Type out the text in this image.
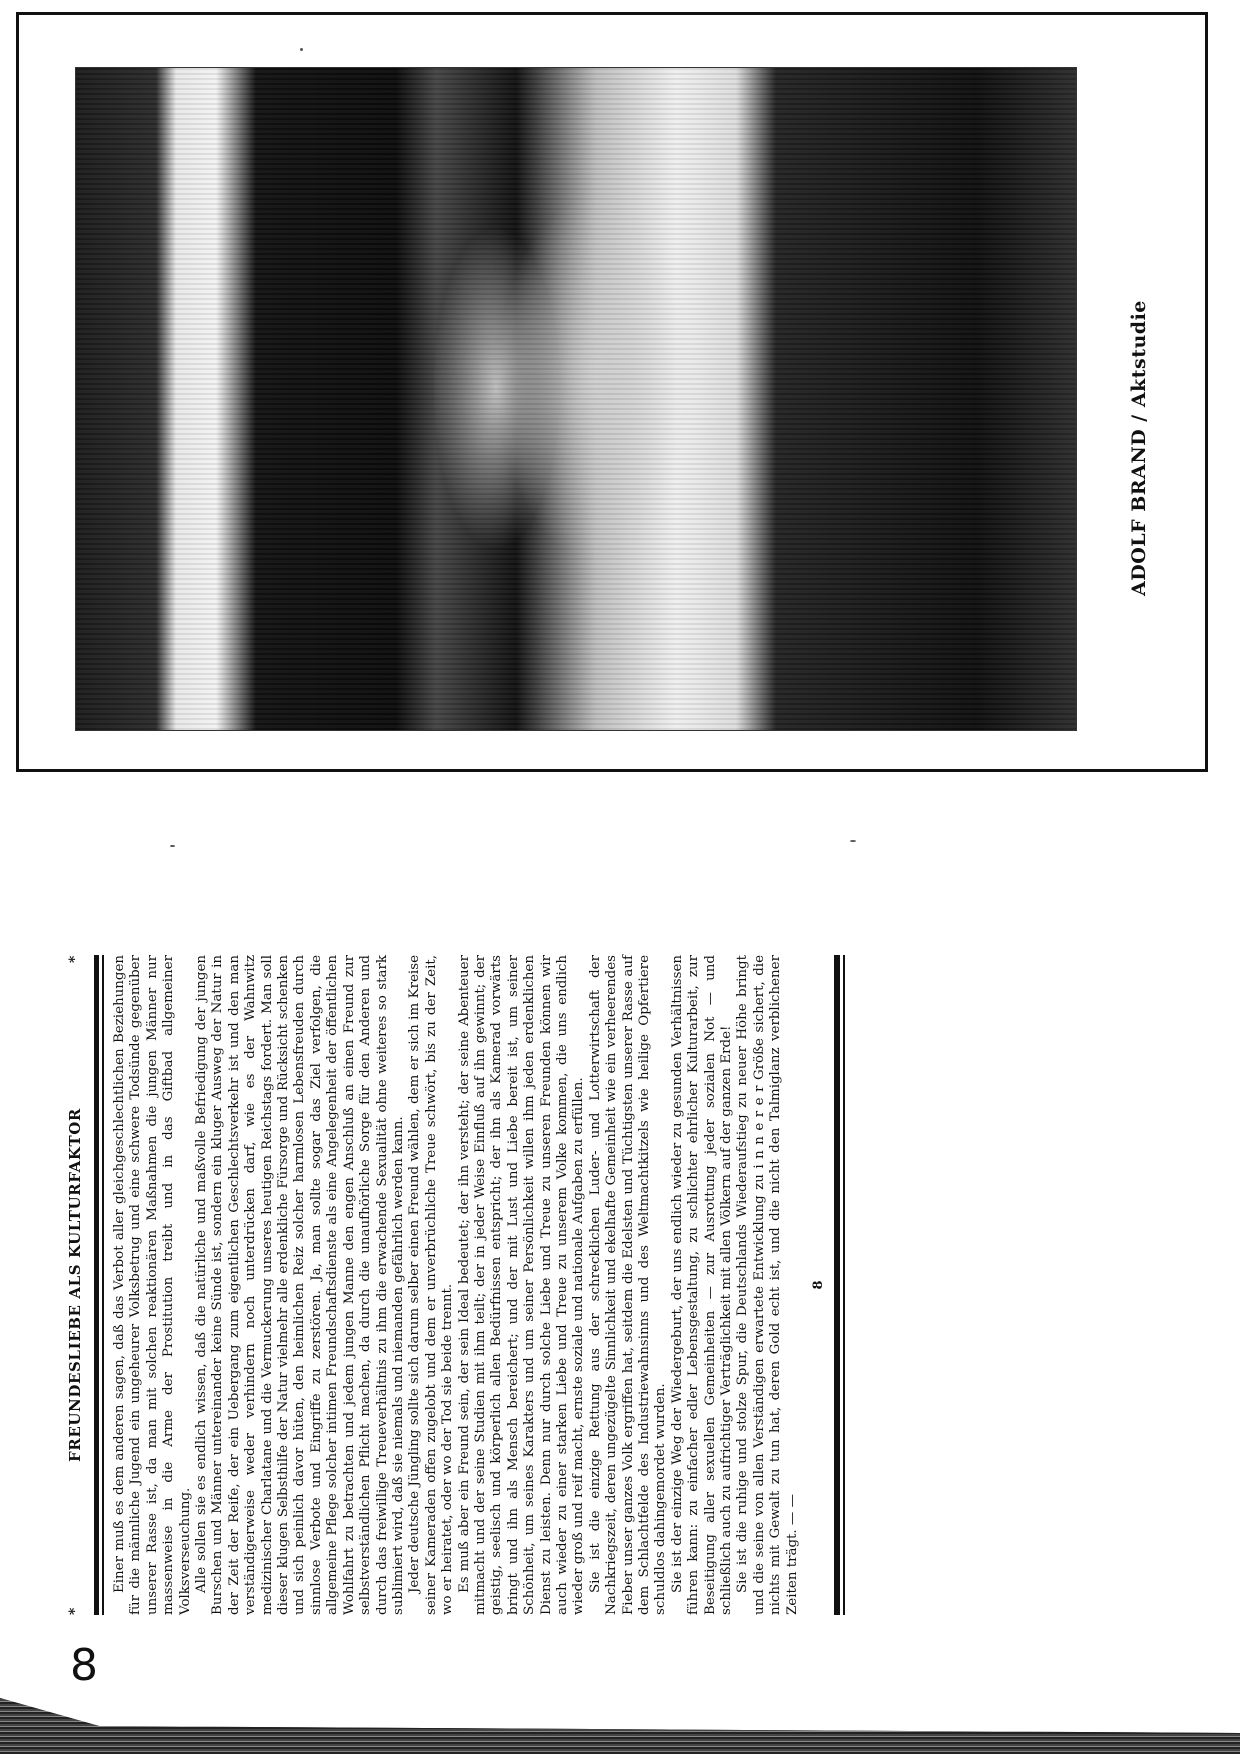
ADOLF BRAND / Aktstudie
*
FREUNDESLIEBE ALS KULTURFAKTOR
* Einer muß es dem anderen sagen, daß das Verbot aller gleichgeschlechtlichen Beziehungen für die männliche Jugend ein ungeheurer Volksbetrug und eine schwere Todsünde gegenüber unserer Rasse ist, da man mit solchen reaktionären Maßnahmen die jungen Männer nur massenweise in die Arme der Prostitution treibt und in das Giftbad allgemeiner Volksverseuchung. Alle sollen sie es endlich wissen, daß die natürliche und maßvolle Befriedigung der jungen Burschen und Männer untereinander keine Sünde ist, sondern ein kluger Ausweg der Natur in der Zeit der Reife, der ein Uebergang zum eigentlichen Geschlechtsverkehr ist und den man verständigerweise weder verhindern noch unterdrücken darf, wie es der Wahnwitz medizinischer Charlatane und die Vermuckerung unseres heutigen Reichstags fordert. Man soll dieser klugen Selbsthilfe der Natur vielmehr alle erdenkliche Fürsorge und Rücksicht schenken und sich peinlich davor hüten, den heimlichen Reiz solcher harmlosen Lebensfreuden durch sinnlose Verbote und Eingriffe zu zerstören. Ja, man sollte sogar das Ziel verfolgen, die allgemeine Pflege solcher intimen Freundschaftsdienste als eine Angelegenheit der öffentlichen Wohlfahrt zu betrachten und jedem jungen Manne den engen Anschluß an einen Freund zur selbstverständlichen Pflicht machen, da durch die unaufhörliche Sorge für den Anderen und durch das freiwillige Treueverhältnis zu ihm die erwachende Sexualität ohne weiteres so stark sublimiert wird, daß sie niemals und niemanden gefährlich werden kann. Jeder deutsche Jüngling sollte sich darum selber einen Freund wählen, dem er sich im Kreise seiner Kameraden offen zugelobt und dem er unverbrüchliche Treue schwört, bis zu der Zeit, wo er heiratet, oder wo der Tod sie beide trennt. Es muß aber ein Freund sein, der sein Ideal bedeutet; der ihn versteht; der seine Abenteuer mitmacht und der seine Studien mit ihm teilt; der in jeder Weise Einfluß auf ihn gewinnt; der geistig, seelisch und körperlich allen Bedürfnissen entspricht; der ihn als Kamerad vorwärts bringt und ihn als Mensch bereichert; und der mit Lust und Liebe bereit ist, um seiner Schönheit, um seines Karakters und um seiner Persönlichkeit willen ihm jeden erdenklichen Dienst zu leisten. Denn nur durch solche Liebe und Treue zu unseren Freunden können wir auch wieder zu einer starken Liebe und Treue zu unserem Volke kommen, die uns endlich wieder groß und reif macht, ernste soziale und nationale Aufgaben zu erfüllen. Sie ist die einzige Rettung aus der schrecklichen Luder- und Lotterwirtschaft der Nachkriegszeit, deren ungezügelte Sinnlichkeit und ekelhafte Gemeinheit wie ein verheerendes Fieber unser ganzes Volk ergriffen hat, seitdem die Edelsten und Tüchtigsten unserer Rasse auf dem Schlachtfelde des Industriewahnsinns und des Weltmachtkitzels wie heilige Opfertiere schuldlos dahingemordet wurden. Sie ist der einzige Weg der Wiedergeburt, der uns endlich wieder zu gesunden Verhältnissen führen kann: zu einfacher edler Lebensgestaltung, zu schlichter ehrlicher Kulturarbeit, zur Beseitigung aller sexuellen Gemeinheiten — zur Ausrottung jeder sozialen Not — und schließlich auch zu aufrichtiger Verträglichkeit mit allen Völkern auf der ganzen Erde! Sie ist die ruhige und stolze Spur, die Deutschlands Wiederaufstieg zu neuer Höhe bringt und die seine von allen Verständigen erwartete Entwicklung zu i n n e r e r Größe sichert, die nichts mit Gewalt zu tun hat, deren Gold echt ist, und die nicht den Talmiglanz verblichener Zeiten trägt. — —

8
8
